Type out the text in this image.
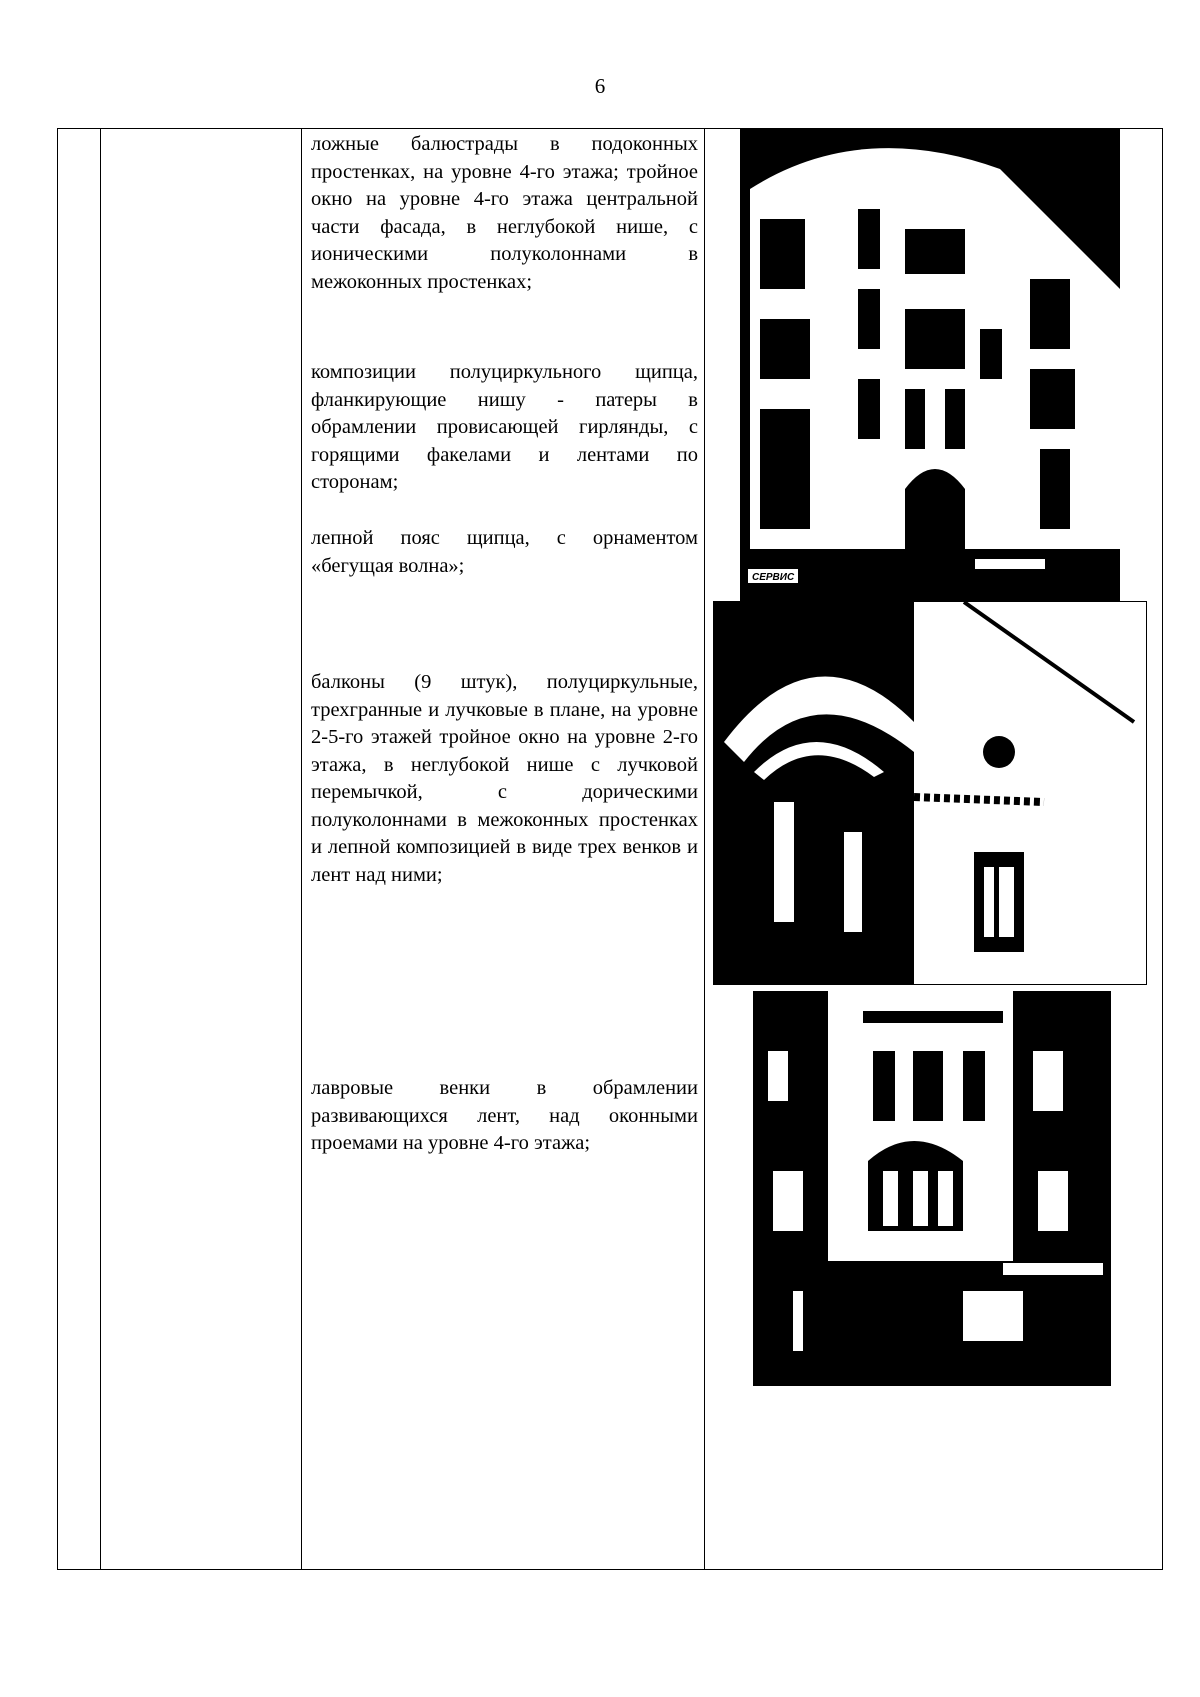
6
ложные балюстрады в подоконных простенках, на уровне 4-го этажа; тройное окно на уровне 4-го этажа центральной части фасада, в неглубокой нише, с ионическими полуколоннами в межоконных простенках;
композиции полуциркульного щипца, фланкирующие нишу - патеры в обрамлении провисающей гирлянды, с горящими факелами и лентами по сторонам;
лепной пояс щипца, с орнаментом «бегущая волна»;
балконы (9 штук), полуциркульные, трехгранные и лучковые в плане, на уровне 2-5-го этажей тройное окно на уровне 2-го этажа, в неглубокой нише с лучковой перемычкой, с дорическими полуколоннами в межоконных простенках и лепной композицией в виде трех венков и лент над ними;
лавровые венки в обрамлении развивающихся лент, над оконными проемами на уровне 4-го этажа;
СЕРВИС
